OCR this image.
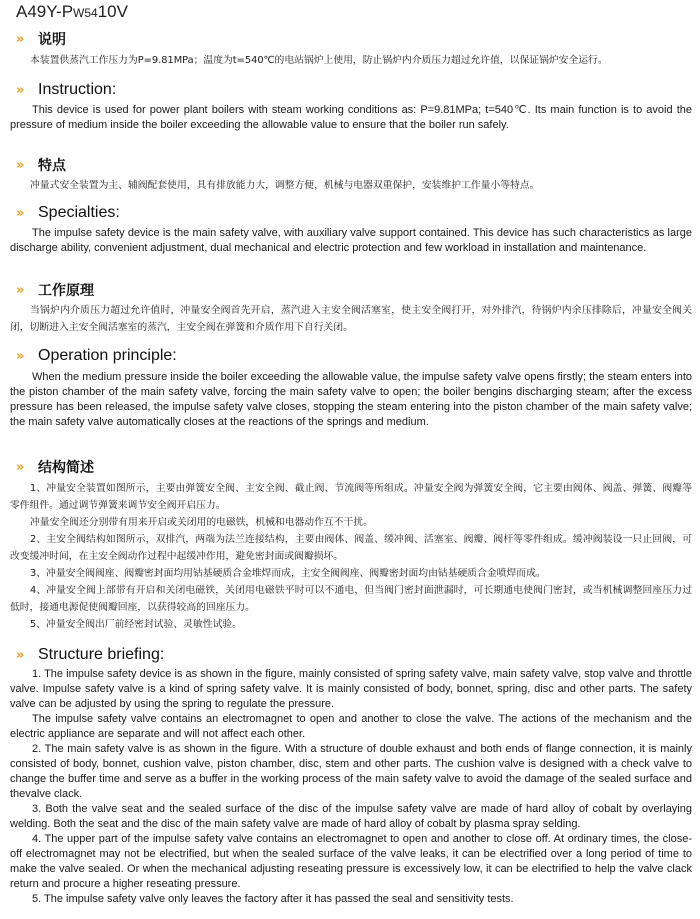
A49Y-PW5410V
»	说明

本装置供蒸汽工作压力为P=9.81MPa；温度为t=540℃的电站锅炉上使用，防止锅炉内介质压力超过允许值，以保证锅炉安全运行。

»	Instruction:

This device is used for power plant boilers with steam working conditions as: P=9.81MPa; t=540℃. Its main function is to avoid the pressure of medium inside the boiler exceeding the allowable value to ensure that the boiler run safely.

»	特点

冲量式安全装置为主、辅阀配套使用，具有排放能力大，调整方便，机械与电器双重保护，安装维护工作量小等特点。

»	Specialties:

The impulse safety device is the main safety valve, with auxiliary valve support contained. This device has such characteristics as large discharge ability, convenient adjustment, dual mechanical and electric protection and few workload in installation and maintenance.

»	工作原理

当锅炉内介质压力超过允许值时，冲量安全阀首先开启，蒸汽进入主安全阀活塞室，使主安全阀打开，对外排汽，待锅炉内余压排除后，冲量安全阀关闭，切断进入主安全阀活塞室的蒸汽，主安全阀在弹簧和介质作用下自行关闭。

»	Operation principle:

When the medium pressure inside the boiler exceeding the allowable value, the impulse safety valve opens firstly; the steam enters into the piston chamber of the main safety valve, forcing the main safety valve to open; the boiler bengins discharging steam; after the excess pressure has been released, the impulse safety valve closes, stopping the steam entering into the piston chamber of the main safety valve; the main safety valve automatically closes at the reactions of the springs and medium.

»	结构简述

1、冲量安全装置如图所示，主要由弹簧安全阀、主安全阀、截止阀、节流阀等所组成。冲量安全阀为弹簧安全阀，它主要由阀体、阀盖、弹簧、阀瓣等零件组件。通过调节弹簧来调节安全阀开启压力。

冲量安全阀还分别带有用来开启或关闭用的电磁铁，机械和电器动作互不干扰。

2、主安全阀结构如图所示，双排汽，两端为法兰连接结构，主要由阀体、阀盖、缓冲阀、活塞室、阀瓣、阀杆等零件组成。缓冲阀装设一只止回阀，可改变缓冲时间，在主安全阀动作过程中起缓冲作用，避免密封面或阀瓣损坏。

3、冲量安全阀阀座、阀瓣密封面均用钴基硬质合金堆焊而成，主安全阀阀座、阀瓣密封面均由钴基硬质合金喷焊而成。

4、冲量安全阀上部带有开启和关闭电磁铁，关闭用电磁铁平时可以不通电，但当阀门密封面泄漏时，可长期通电使阀门密封，或当机械调整回座压力过低时，接通电源促使阀瓣回座，以获得较高的回座压力。

5、冲量安全阀出厂前经密封试验、灵敏性试验。

»	Structure briefing:

1. The impulse safety device is as shown in the figure, mainly consisted of spring safety valve, main safety valve, stop valve and throttle valve. Impulse safety valve is a kind of spring safety valve. It is mainly consisted of body, bonnet, spring, disc and other parts. The safety valve can be adjusted by using the spring to regulate the pressure.

The impulse safety valve contains an electromagnet to open and another to close the valve. The actions of the mechanism and the electric appliance are separate and will not affect each other.

2. The main safety valve is as shown in the figure. With a structure of double exhaust and both ends of flange connection, it is mainly consisted of body, bonnet, cushion valve, piston chamber, disc, stem and other parts. The cushion valve is designed with a check valve to change the buffer time and serve as a buffer in the working process of the main safety valve to avoid the damage of the sealed surface and thevalve clack.

3. Both the valve seat and the sealed surface of the disc of the impulse safety valve are made of hard alloy of cobalt by overlaying welding. Both the seat and the disc of the main safety valve are made of hard alloy of cobalt by plasma spray selding.

4. The upper part of the impulse safety valve contains an electromagnet to open and another to close off. At ordinary times, the close-off electromagnet may not be electrified, but when the sealed surface of the valve leaks, it can be electrified over a long period of time to make the valve sealed. Or when the mechanical adjusting reseating pressure is excessively low, it can be electrified to help the valve clack return and procure a higher reseating pressure.

5. The impulse safety valve only leaves the factory after it has passed the seal and sensitivity tests.
